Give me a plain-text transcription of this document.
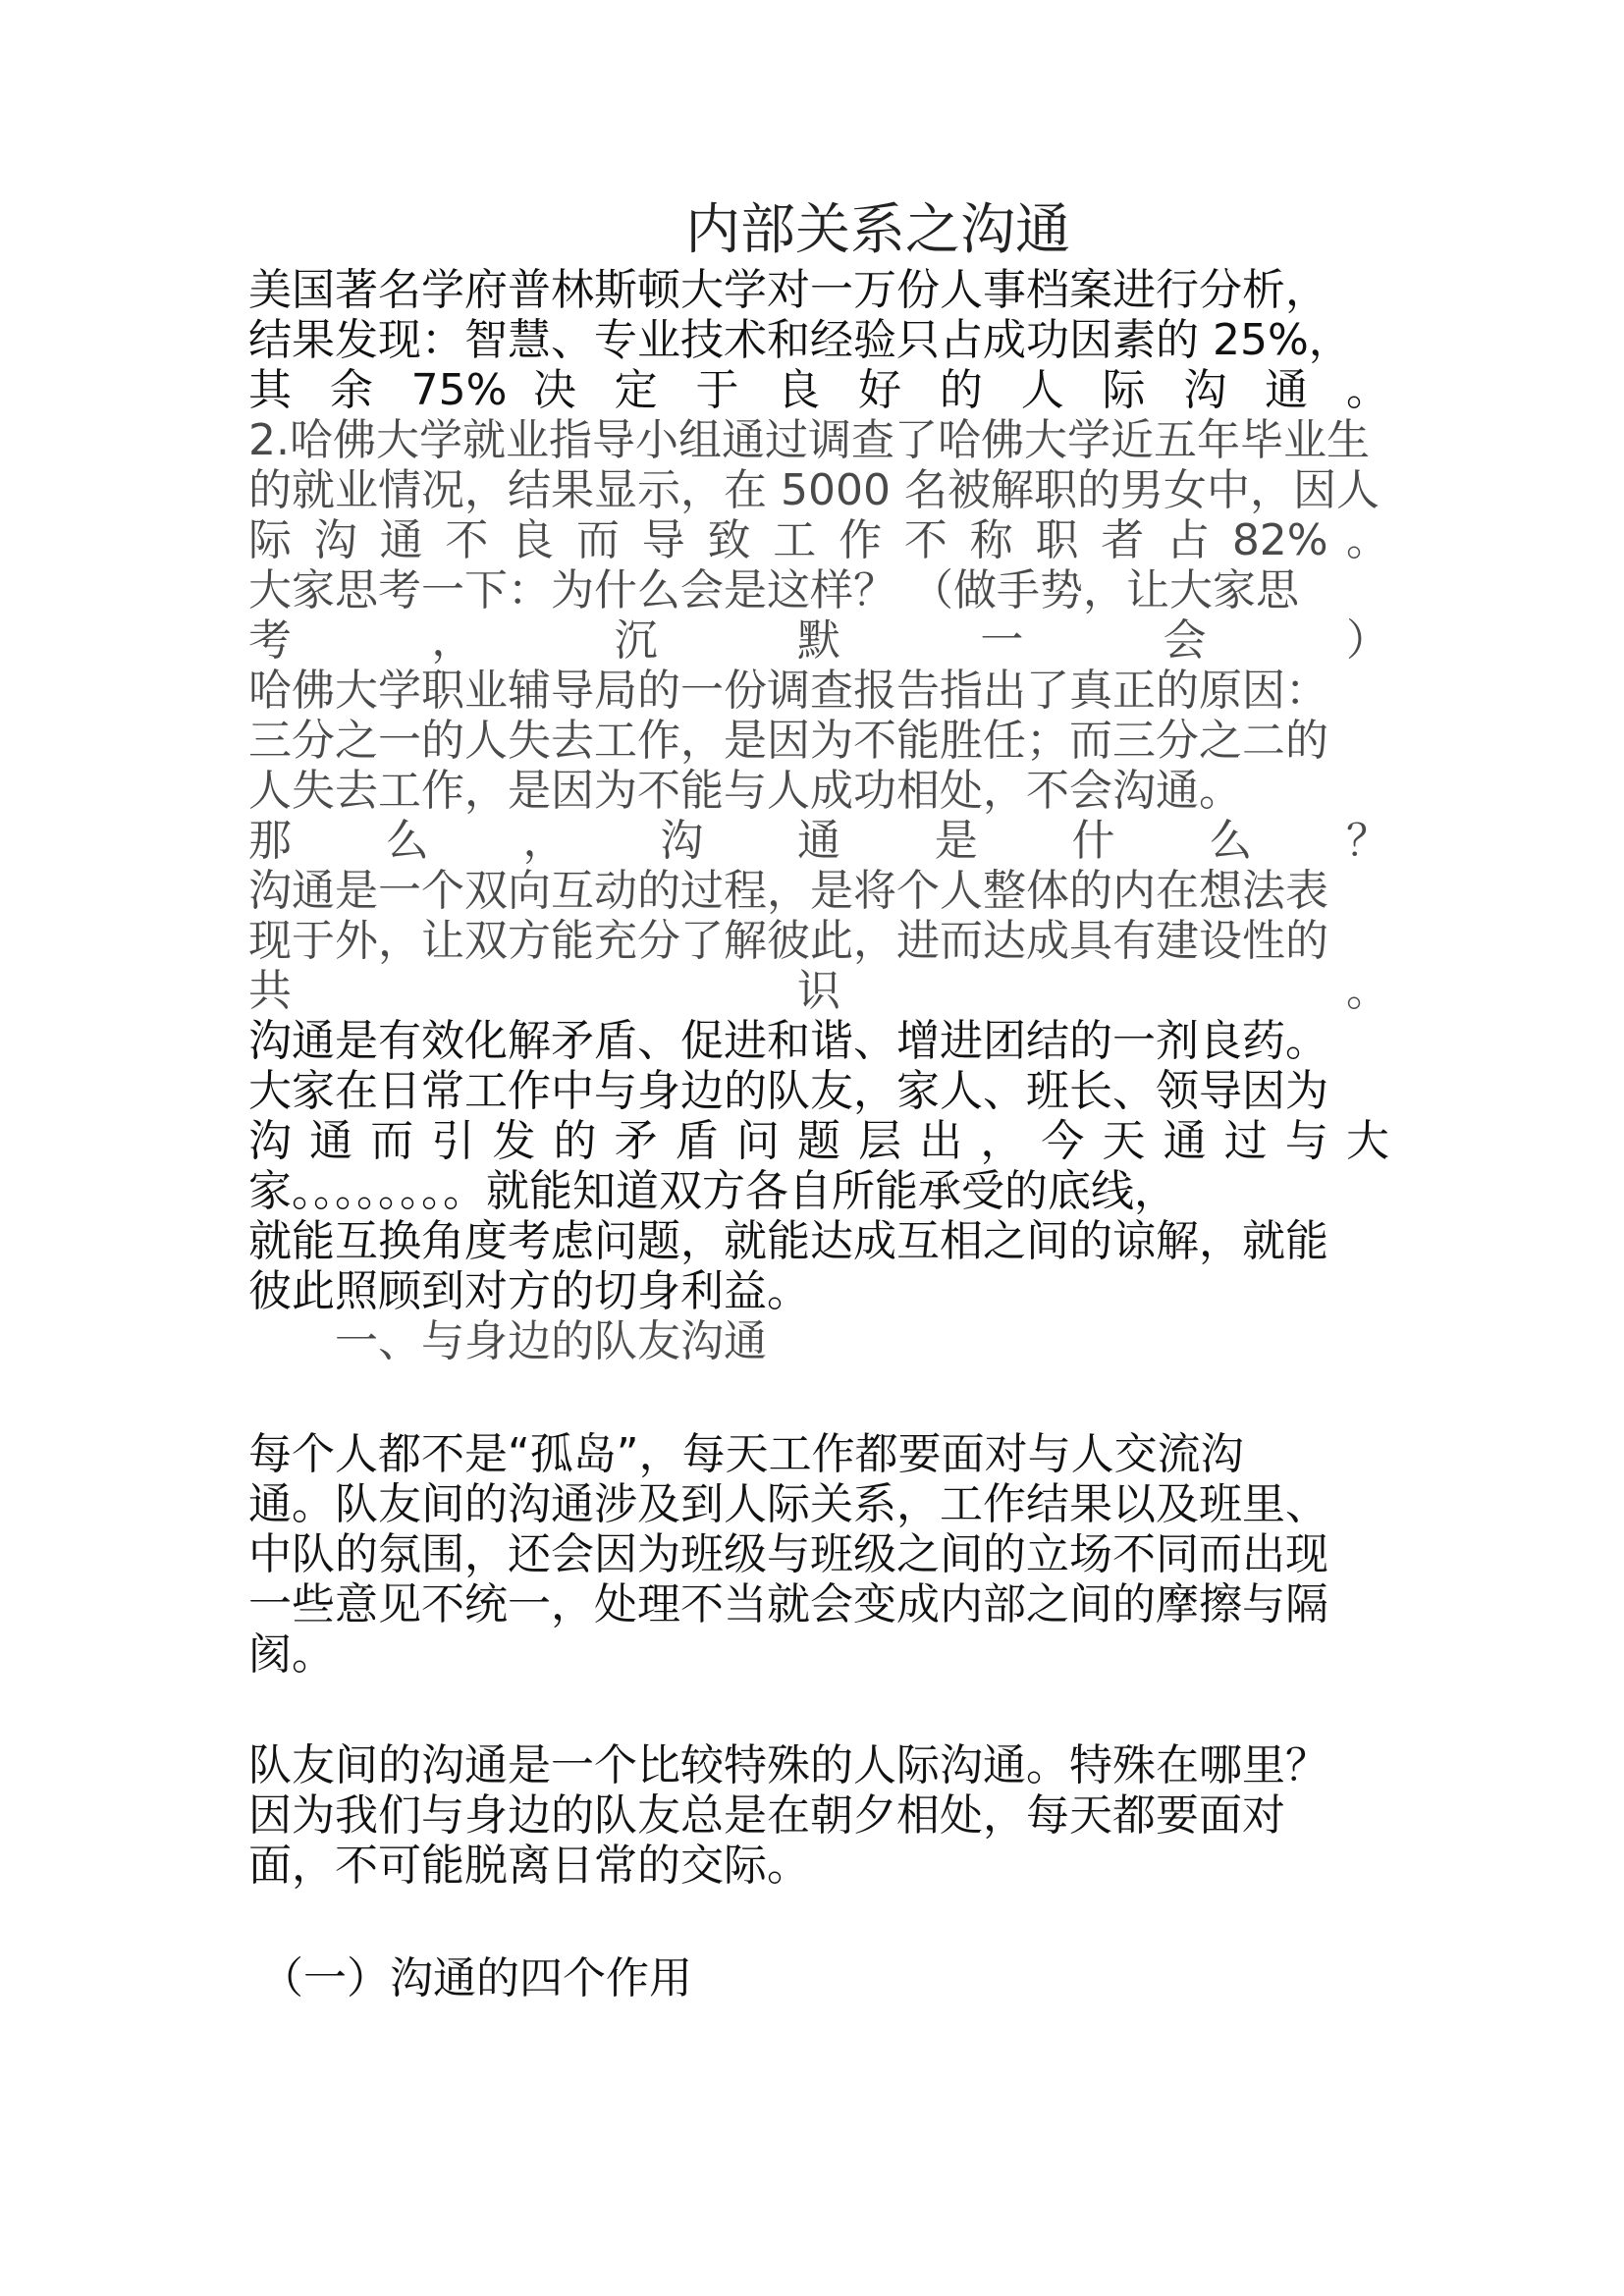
内部关系之沟通

美国著名学府普林斯顿大学对一万份人事档案进行分析，

结果发现：智慧、专业技术和经验只占成功因素的 25%，

其 余 75% 决 定 于 良 好 的 人 际 沟 通 。

2.哈佛大学就业指导小组通过调查了哈佛大学近五年毕业生

的就业情况，结果显示，在 5000 名被解职的男女中，因人

际 沟 通 不 良 而 导 致 工 作 不 称 职 者 占 82% 。

大家思考一下：为什么会是这样？ （做手势，让大家思

考 ， 沉 默 一 会 ）

哈佛大学职业辅导局的一份调查报告指出了真正的原因：

三分之一的人失去工作，是因为不能胜任；而三分之二的

人失去工作，是因为不能与人成功相处，不会沟通。

那 么 ， 沟 通 是 什 么 ？

沟通是一个双向互动的过程，是将个人整体的内在想法表

现于外，让双方能充分了解彼此，进而达成具有建设性的

共 识 。

沟通是有效化解矛盾、促进和谐、增进团结的一剂良药。

大家在日常工作中与身边的队友，家人、班长、领导因为

沟 通 而 引 发 的 矛 盾 问 题 层 出 ， 今 天 通 过 与 大

家。。。。。。。。就能知道双方各自所能承受的底线，

就能互换角度考虑问题，就能达成互相之间的谅解，就能

彼此照顾到对方的切身利益。

一、与身边的队友沟通

每个人都不是“孤岛”，每天工作都要面对与人交流沟

通。队友间的沟通涉及到人际关系，工作结果以及班里、

中队的氛围，还会因为班级与班级之间的立场不同而出现

一些意见不统一，处理不当就会变成内部之间的摩擦与隔

阂。

队友间的沟通是一个比较特殊的人际沟通。特殊在哪里？

因为我们与身边的队友总是在朝夕相处，每天都要面对

面，不可能脱离日常的交际。

（一）沟通的四个作用
